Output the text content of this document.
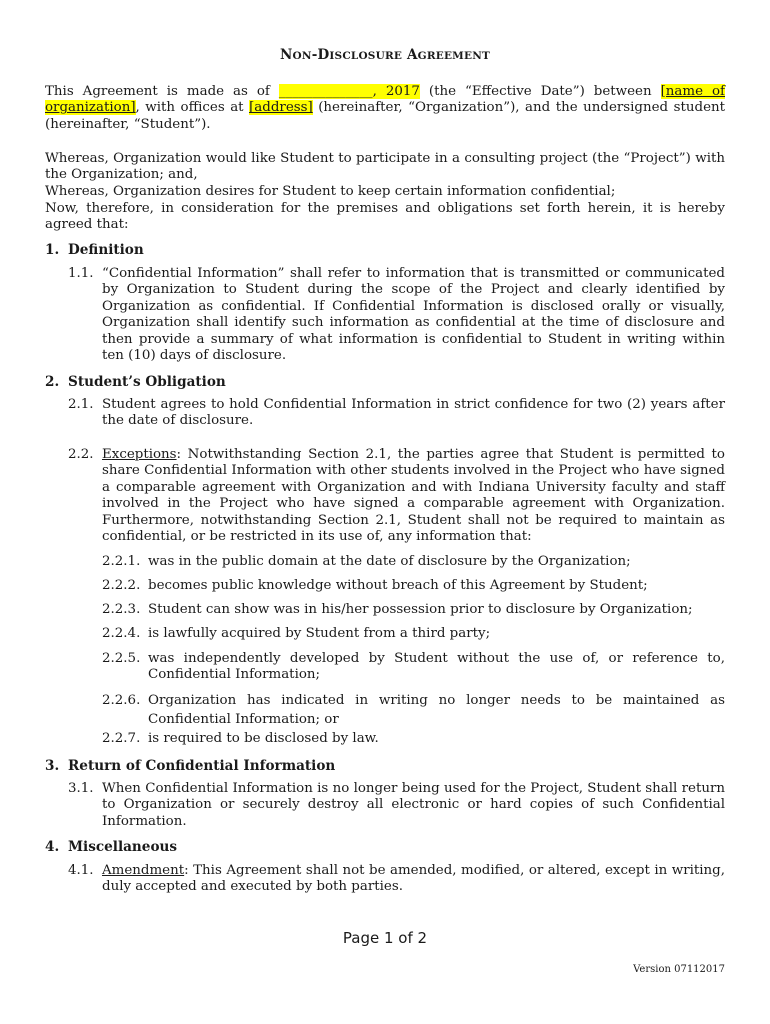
NON-DISCLOSURE AGREEMENT
This Agreement is made as of ______________, 2017 (the “Effective Date”) between [name of organization], with offices at [address] (hereinafter, “Organization”), and the undersigned student (hereinafter, “Student”).
Whereas, Organization would like Student to participate in a consulting project (the “Project”) with the Organization; and,
Whereas, Organization desires for Student to keep certain information confidential;
Now, therefore, in consideration for the premises and obligations set forth herein, it is hereby agreed that:
1. Definition
1.1. “Confidential Information” shall refer to information that is transmitted or communicated by Organization to Student during the scope of the Project and clearly identified by Organization as confidential. If Confidential Information is disclosed orally or visually, Organization shall identify such information as confidential at the time of disclosure and then provide a summary of what information is confidential to Student in writing within ten (10) days of disclosure.
2. Student’s Obligation
2.1. Student agrees to hold Confidential Information in strict confidence for two (2) years after the date of disclosure.
2.2. Exceptions: Notwithstanding Section 2.1, the parties agree that Student is permitted to share Confidential Information with other students involved in the Project who have signed a comparable agreement with Organization and with Indiana University faculty and staff involved in the Project who have signed a comparable agreement with Organization. Furthermore, notwithstanding Section 2.1, Student shall not be required to maintain as confidential, or be restricted in its use of, any information that:
2.2.1. was in the public domain at the date of disclosure by the Organization;
2.2.2. becomes public knowledge without breach of this Agreement by Student;
2.2.3. Student can show was in his/her possession prior to disclosure by Organization;
2.2.4. is lawfully acquired by Student from a third party;
2.2.5. was independently developed by Student without the use of, or reference to, Confidential Information;
2.2.6. Organization has indicated in writing no longer needs to be maintained as Confidential Information; or
2.2.7. is required to be disclosed by law.
3. Return of Confidential Information
3.1. When Confidential Information is no longer being used for the Project, Student shall return to Organization or securely destroy all electronic or hard copies of such Confidential Information.
4. Miscellaneous
4.1. Amendment: This Agreement shall not be amended, modified, or altered, except in writing, duly accepted and executed by both parties.
Page 1 of 2
Version 07112017
